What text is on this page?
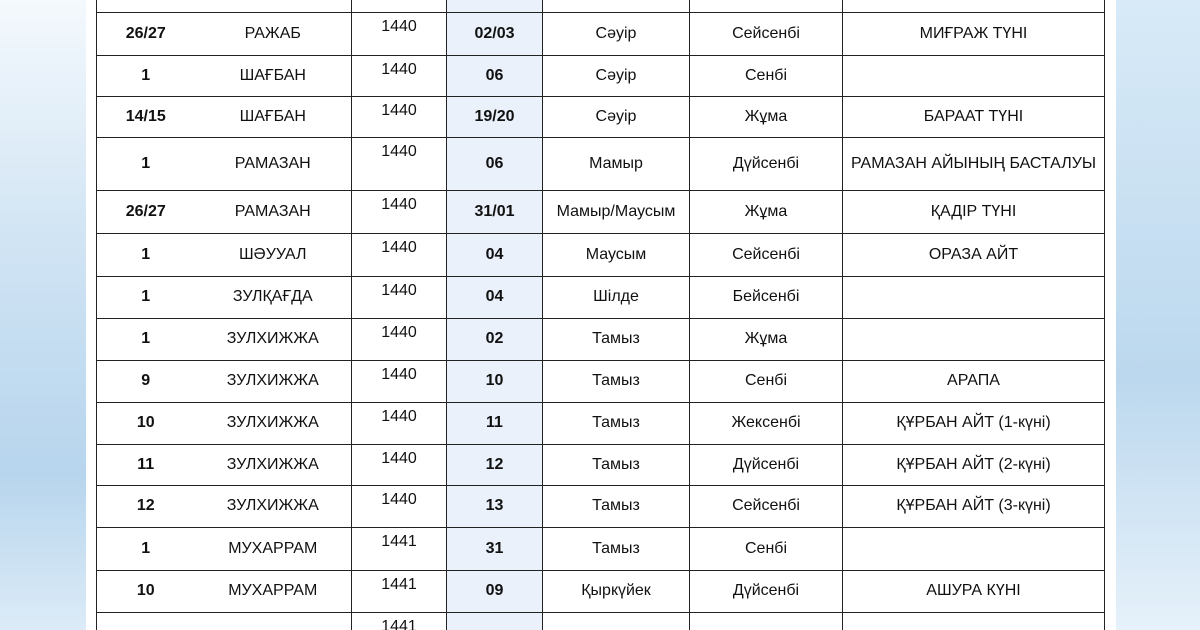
26/27	РАЖАБ	1440	02/03	Сәуір	Сейсенбі	МИҒРАЖ ТҮНІ
1	ШАҒБАН	1440	06	Сәуір	Сенбі	
14/15	ШАҒБАН	1440	19/20	Сәуір	Жұма	БАРААТ ТҮНІ
1	РАМАЗАН	1440	06	Мамыр	Дүйсенбі	РАМАЗАН АЙЫНЫҢ БАСТАЛУЫ
26/27	РАМАЗАН	1440	31/01	Мамыр/Маусым	Жұма	ҚАДІР ТҮНІ
1	ШӘУУАЛ	1440	04	Маусым	Сейсенбі	ОРАЗА АЙТ
1	ЗУЛҚАҒДА	1440	04	Шілде	Бейсенбі	
1	ЗУЛХИЖЖА	1440	02	Тамыз	Жұма	
9	ЗУЛХИЖЖА	1440	10	Тамыз	Сенбі	АРАПА
10	ЗУЛХИЖЖА	1440	11	Тамыз	Жексенбі	ҚҰРБАН АЙТ (1-күні)
11	ЗУЛХИЖЖА	1440	12	Тамыз	Дүйсенбі	ҚҰРБАН АЙТ (2-күні)
12	ЗУЛХИЖЖА	1440	13	Тамыз	Сейсенбі	ҚҰРБАН АЙТ (3-күні)
1	МУХАРРАМ	1441	31	Тамыз	Сенбі	
10	МУХАРРАМ	1441	09	Қыркүйек	Дүйсенбі	АШУРА КҮНІ
		1441				
